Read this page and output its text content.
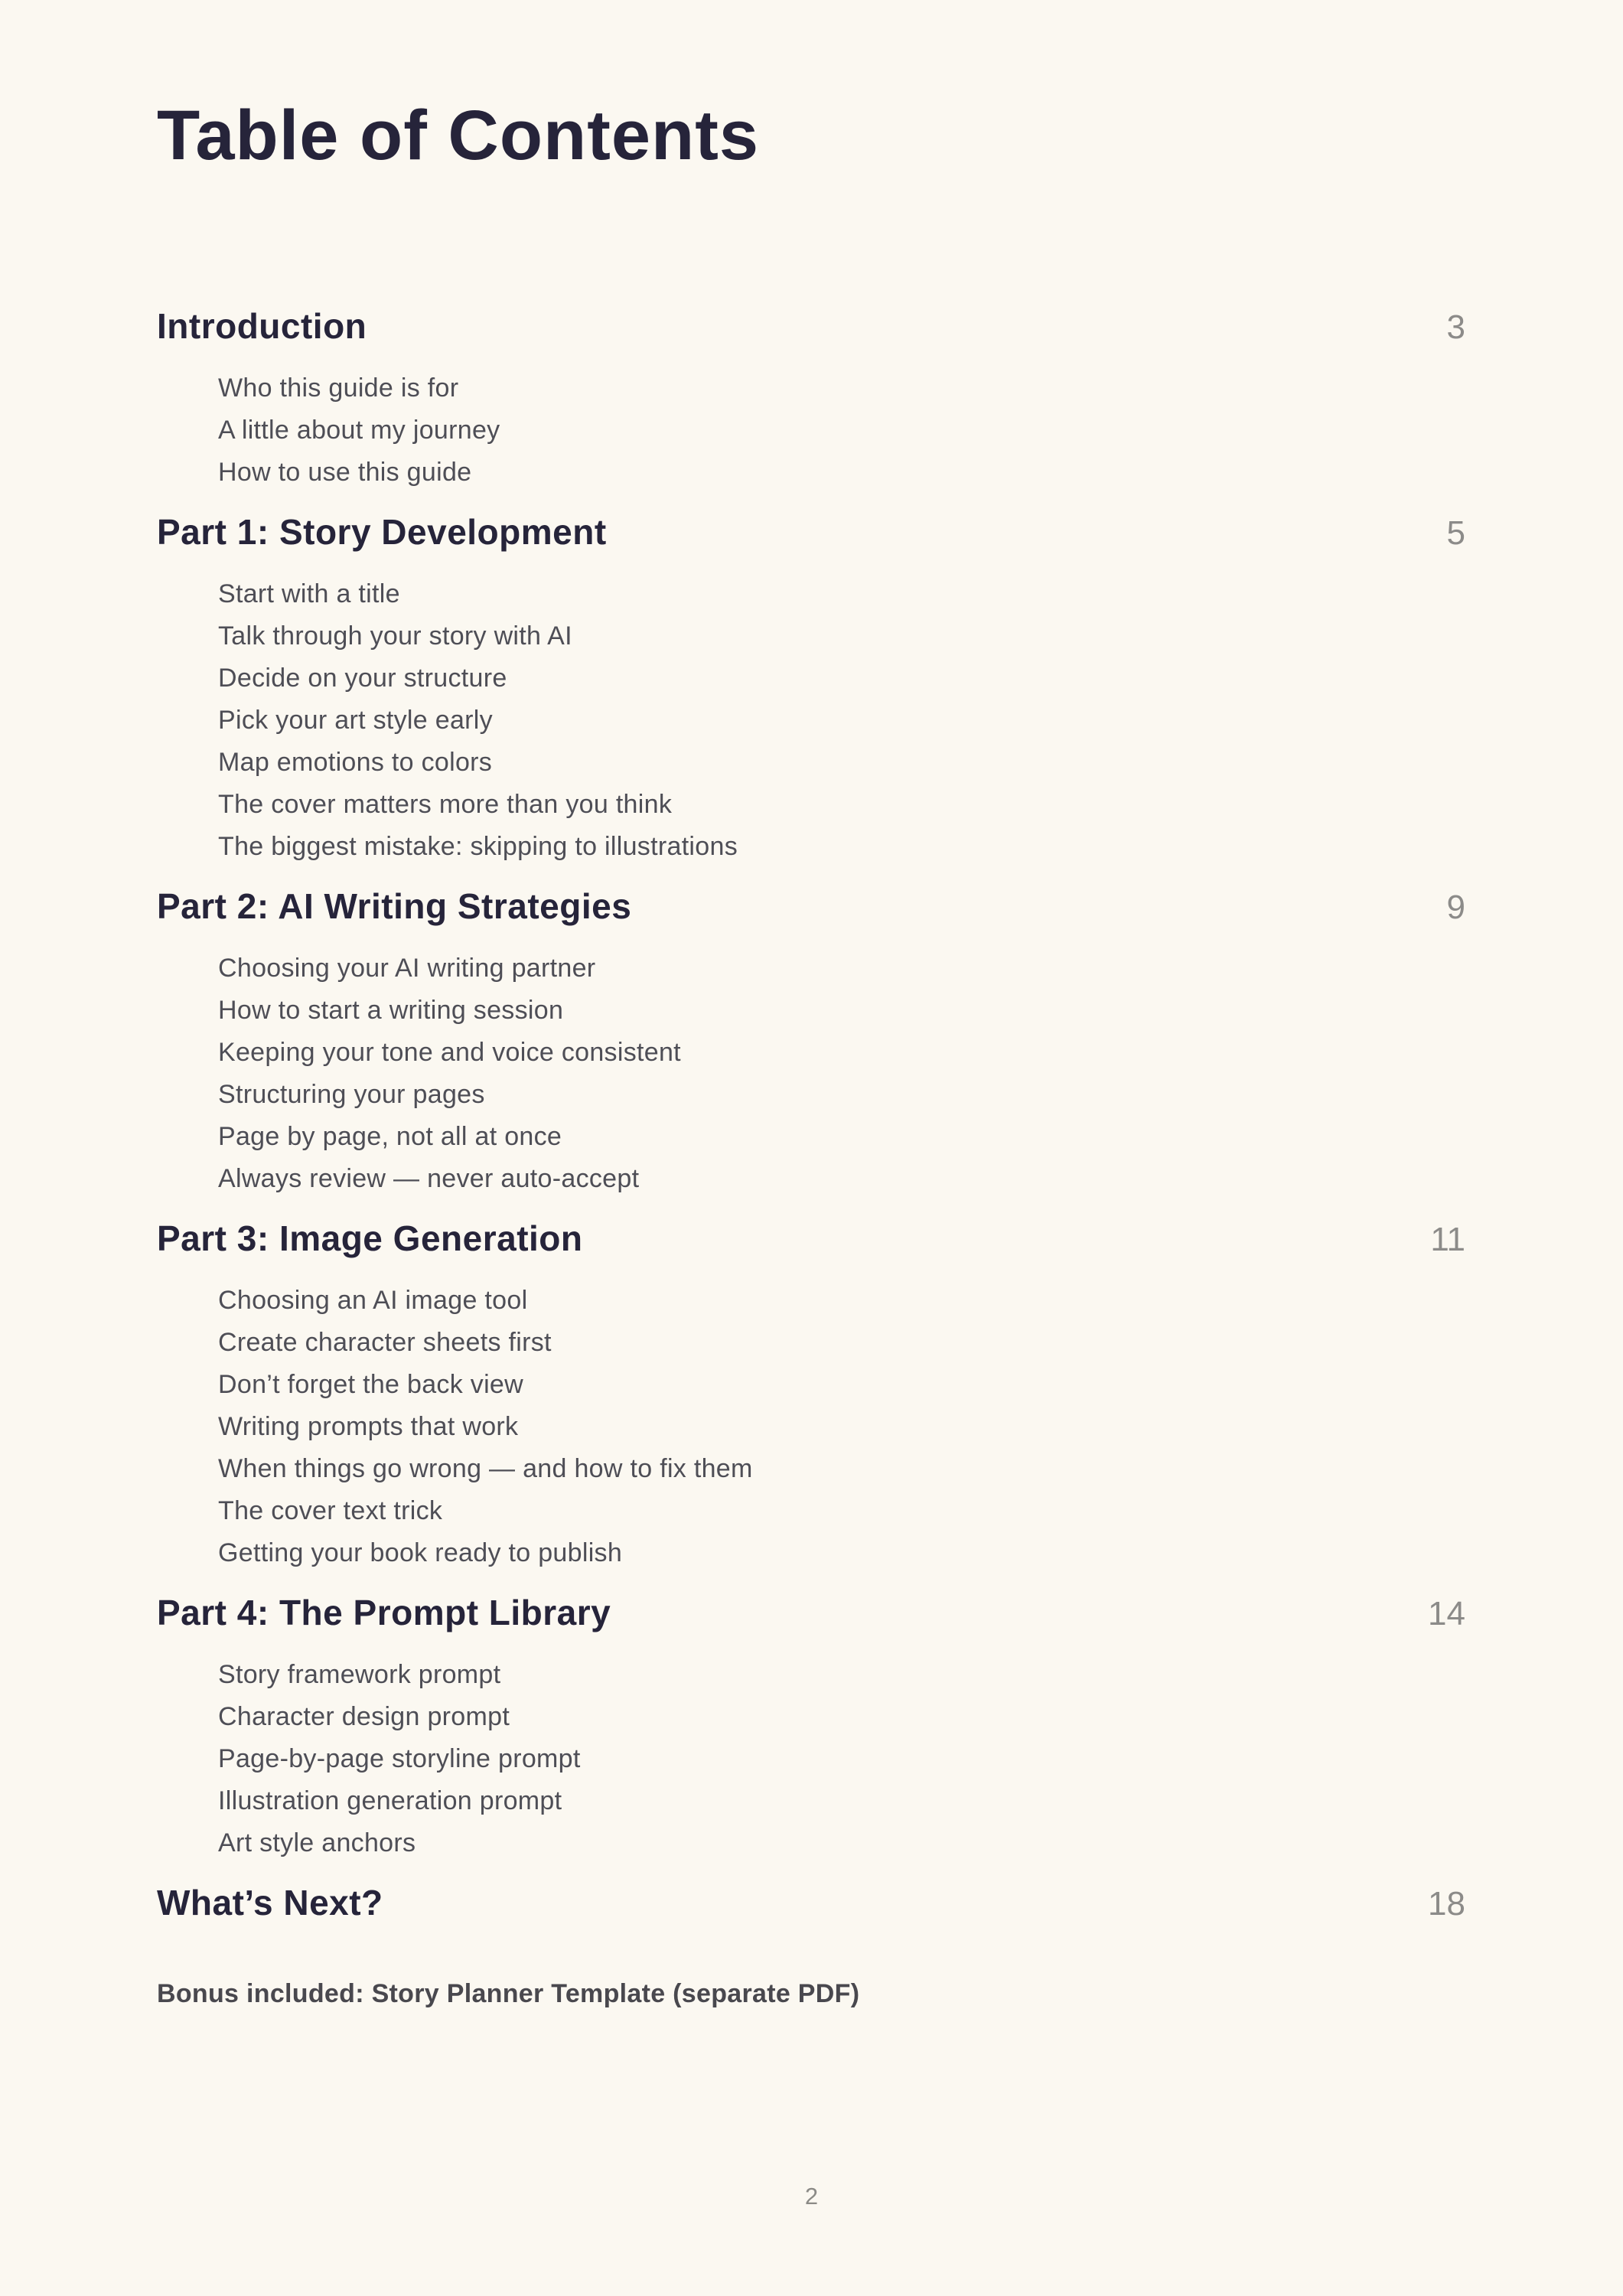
Table of Contents
Introduction	3
Who this guide is for
A little about my journey
How to use this guide
Part 1: Story Development	5
Start with a title
Talk through your story with AI
Decide on your structure
Pick your art style early
Map emotions to colors
The cover matters more than you think
The biggest mistake: skipping to illustrations
Part 2: AI Writing Strategies	9
Choosing your AI writing partner
How to start a writing session
Keeping your tone and voice consistent
Structuring your pages
Page by page, not all at once
Always review — never auto-accept
Part 3: Image Generation	11
Choosing an AI image tool
Create character sheets first
Don’t forget the back view
Writing prompts that work
When things go wrong — and how to fix them
The cover text trick
Getting your book ready to publish
Part 4: The Prompt Library	14
Story framework prompt
Character design prompt
Page-by-page storyline prompt
Illustration generation prompt
Art style anchors
What’s Next?	18

Bonus included: Story Planner Template (separate PDF)

2
